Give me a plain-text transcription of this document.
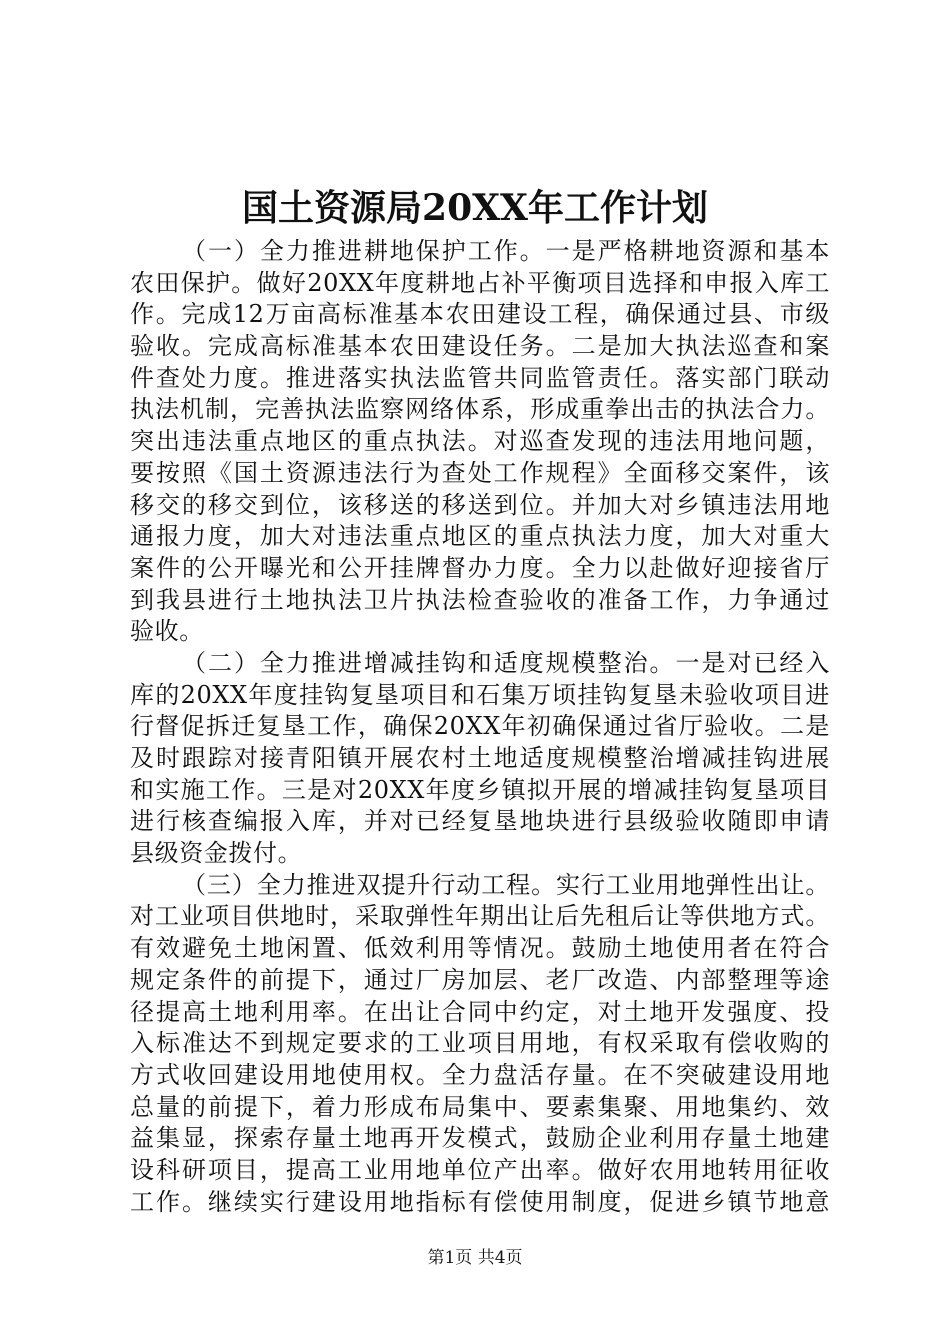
国土资源局20XX年工作计划
（一）全力推进耕地保护工作。一是严格耕地资源和基本
农田保护。做好20XX年度耕地占补平衡项目选择和申报入库工
作。完成12万亩高标准基本农田建设工程，确保通过县、市级
验收。完成高标准基本农田建设任务。二是加大执法巡查和案
件查处力度。推进落实执法监管共同监管责任。落实部门联动
执法机制，完善执法监察网络体系，形成重拳出击的执法合力。
突出违法重点地区的重点执法。对巡查发现的违法用地问题，
要按照《国土资源违法行为查处工作规程》全面移交案件，该
移交的移交到位，该移送的移送到位。并加大对乡镇违法用地
通报力度，加大对违法重点地区的重点执法力度，加大对重大
案件的公开曝光和公开挂牌督办力度。全力以赴做好迎接省厅
到我县进行土地执法卫片执法检查验收的准备工作，力争通过
验收。
（二）全力推进增减挂钩和适度规模整治。一是对已经入
库的20XX年度挂钩复垦项目和石集万顷挂钩复垦未验收项目进
行督促拆迁复垦工作，确保20XX年初确保通过省厅验收。二是
及时跟踪对接青阳镇开展农村土地适度规模整治增减挂钩进展
和实施工作。三是对20XX年度乡镇拟开展的增减挂钩复垦项目
进行核查编报入库，并对已经复垦地块进行县级验收随即申请
县级资金拨付。
（三）全力推进双提升行动工程。实行工业用地弹性出让。
对工业项目供地时，采取弹性年期出让后先租后让等供地方式。
有效避免土地闲置、低效利用等情况。鼓励土地使用者在符合
规定条件的前提下，通过厂房加层、老厂改造、内部整理等途
径提高土地利用率。在出让合同中约定，对土地开发强度、投
入标准达不到规定要求的工业项目用地，有权采取有偿收购的
方式收回建设用地使用权。全力盘活存量。在不突破建设用地
总量的前提下，着力形成布局集中、要素集聚、用地集约、效
益集显，探索存量土地再开发模式，鼓励企业利用存量土地建
设科研项目，提高工业用地单位产出率。做好农用地转用征收
工作。继续实行建设用地指标有偿使用制度，促进乡镇节地意
第1页 共4页
